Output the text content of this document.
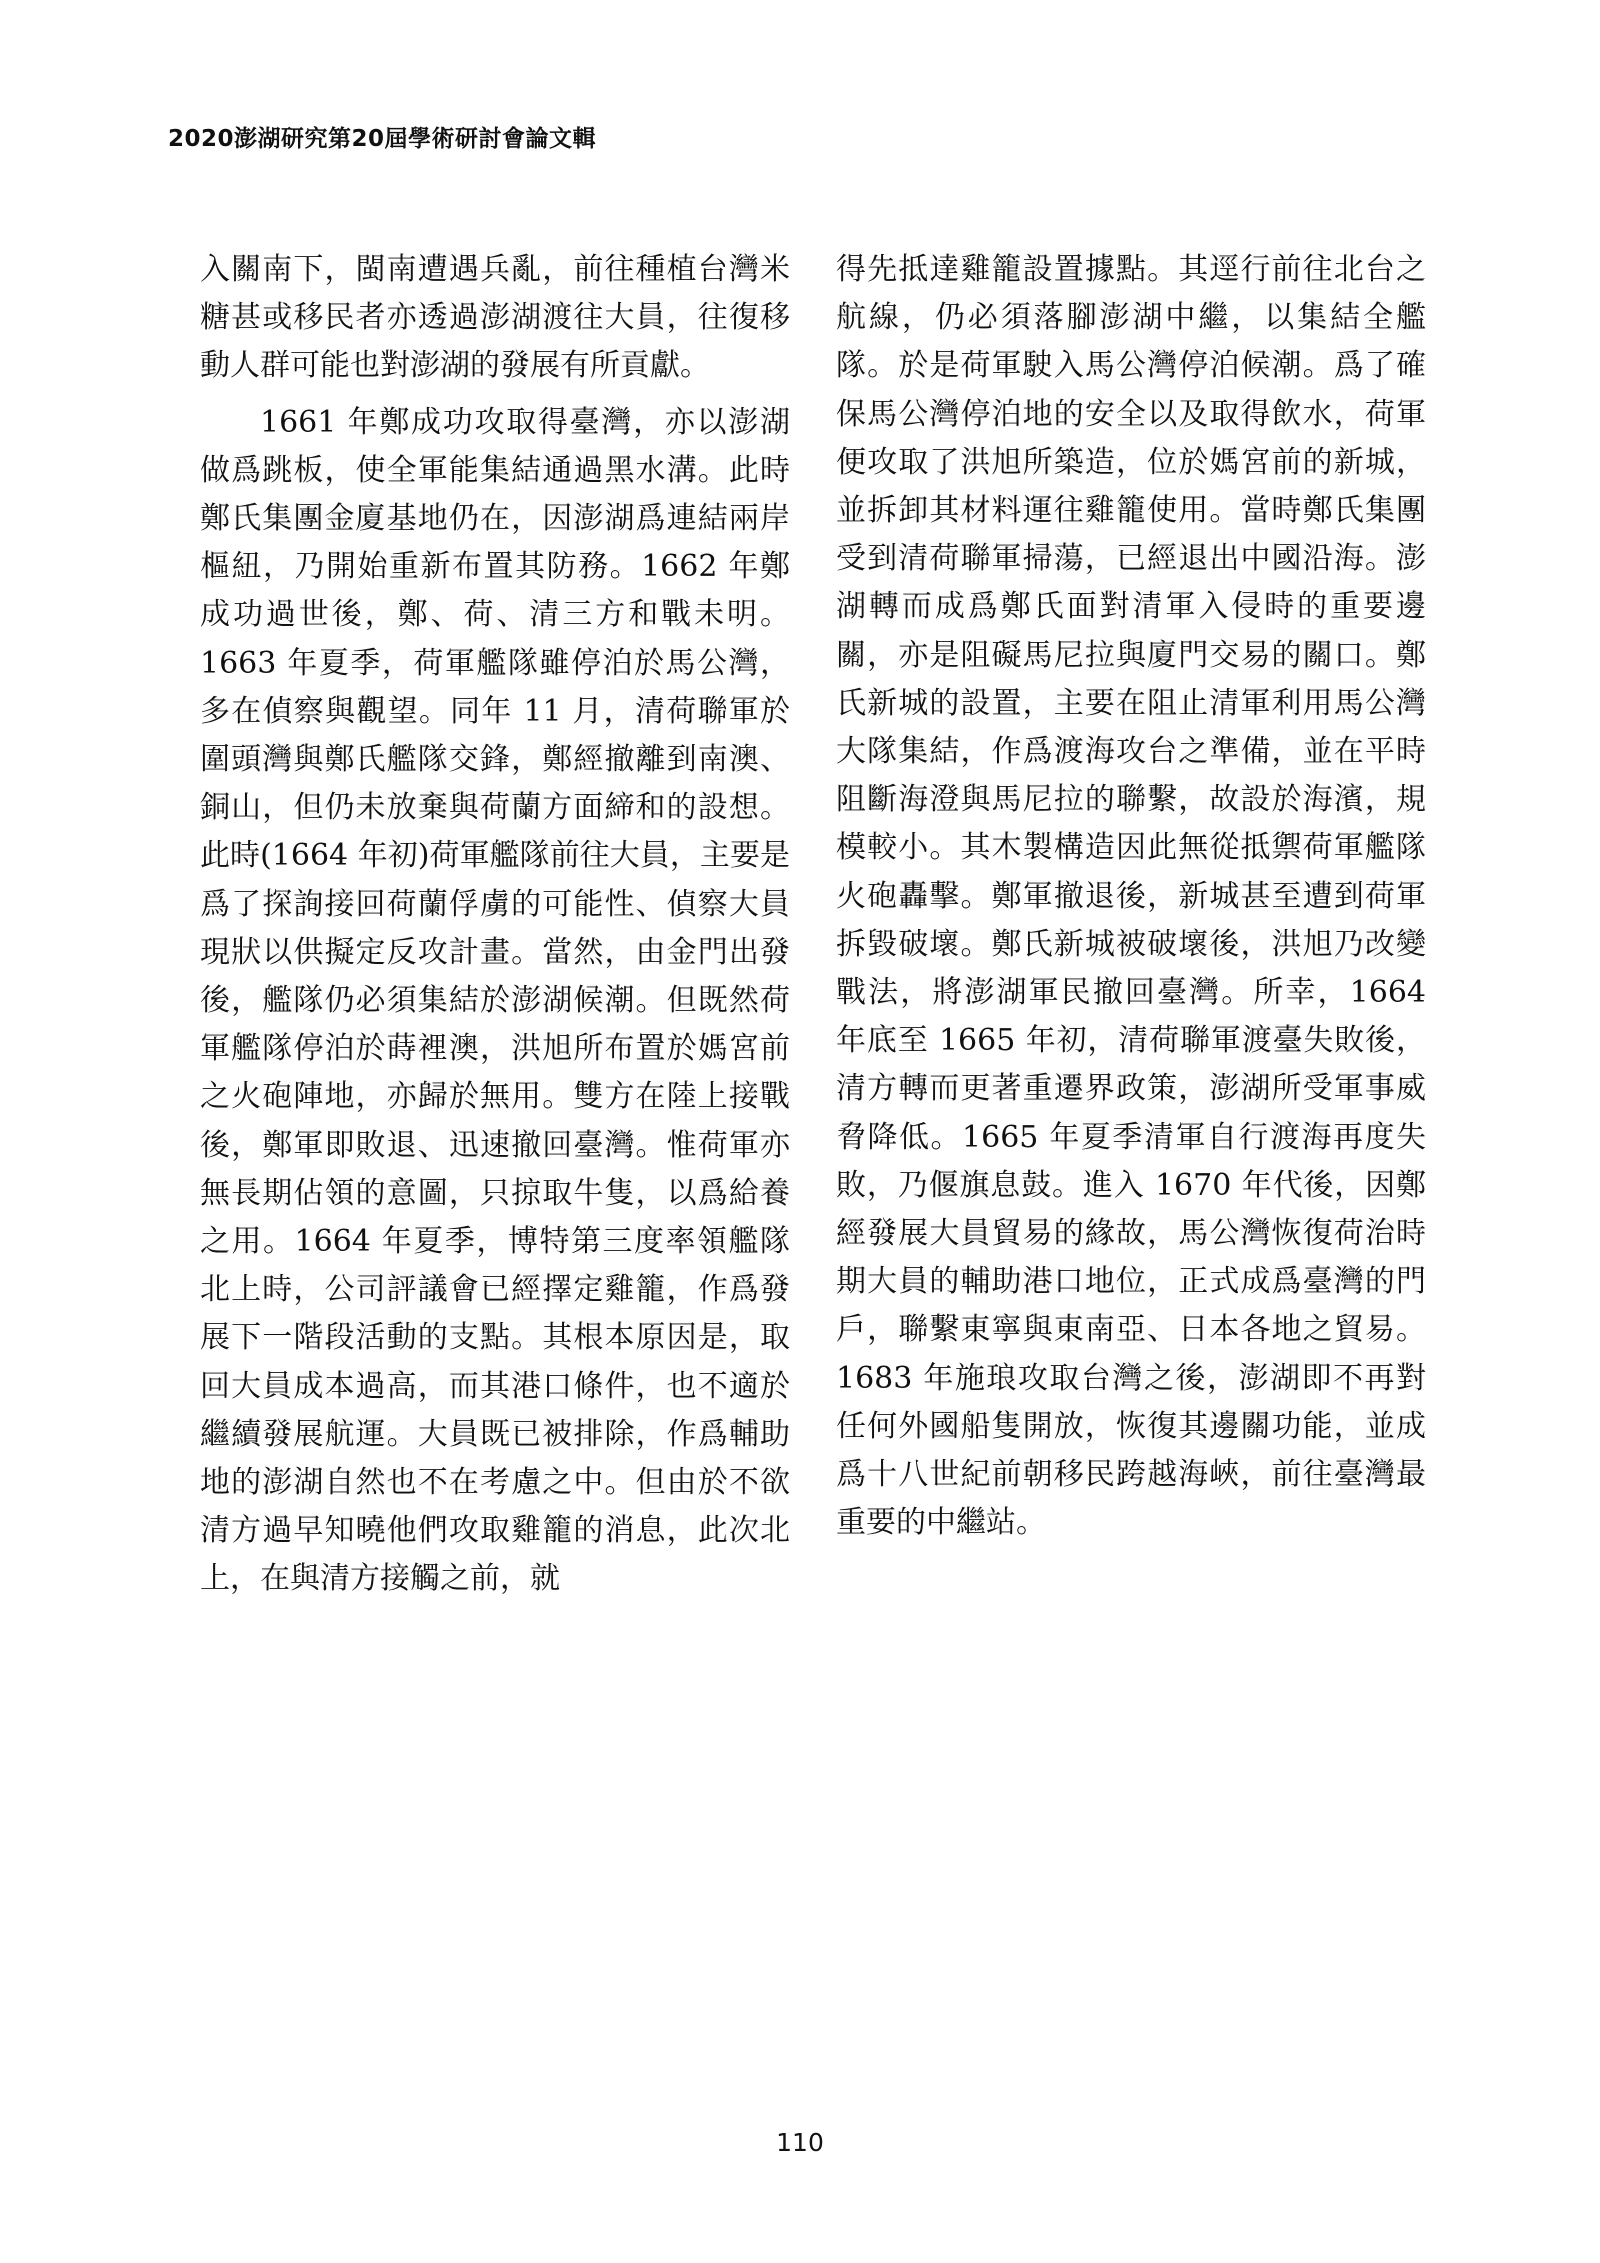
2020澎湖研究第20屆學術研討會論文輯

入關南下，閩南遭遇兵亂，前往種植台灣米糖甚或移民者亦透過澎湖渡往大員，往復移動人群可能也對澎湖的發展有所貢獻。

1661 年鄭成功攻取得臺灣，亦以澎湖做爲跳板，使全軍能集結通過黑水溝。此時鄭氏集團金廈基地仍在，因澎湖爲連結兩岸樞紐，乃開始重新布置其防務。1662 年鄭成功過世後，鄭、荷、清三方和戰未明。1663 年夏季，荷軍艦隊雖停泊於馬公灣，多在偵察與觀望。同年 11 月，清荷聯軍於圍頭灣與鄭氏艦隊交鋒，鄭經撤離到南澳、銅山，但仍未放棄與荷蘭方面締和的設想。此時(1664 年初)荷軍艦隊前往大員，主要是爲了探詢接回荷蘭俘虜的可能性、偵察大員現狀以供擬定反攻計畫。當然，由金門出發後，艦隊仍必須集結於澎湖候潮。但既然荷軍艦隊停泊於蒔裡澳，洪旭所布置於媽宮前之火砲陣地，亦歸於無用。雙方在陸上接戰後，鄭軍即敗退、迅速撤回臺灣。惟荷軍亦無長期佔領的意圖，只掠取牛隻，以爲給養之用。1664 年夏季，博特第三度率領艦隊北上時，公司評議會已經擇定雞籠，作爲發展下一階段活動的支點。其根本原因是，取回大員成本過高，而其港口條件，也不適於繼續發展航運。大員既已被排除，作爲輔助地的澎湖自然也不在考慮之中。但由於不欲清方過早知曉他們攻取雞籠的消息，此次北上，在與清方接觸之前，就

得先抵達雞籠設置據點。其逕行前往北台之航線，仍必須落腳澎湖中繼，以集結全艦隊。於是荷軍駛入馬公灣停泊候潮。爲了確保馬公灣停泊地的安全以及取得飲水，荷軍便攻取了洪旭所築造，位於媽宮前的新城，並拆卸其材料運往雞籠使用。當時鄭氏集團受到清荷聯軍掃蕩，已經退出中國沿海。澎湖轉而成爲鄭氏面對清軍入侵時的重要邊關，亦是阻礙馬尼拉與廈門交易的關口。鄭氏新城的設置，主要在阻止清軍利用馬公灣大隊集結，作爲渡海攻台之準備，並在平時阻斷海澄與馬尼拉的聯繫，故設於海濱，規模較小。其木製構造因此無從抵禦荷軍艦隊火砲轟擊。鄭軍撤退後，新城甚至遭到荷軍拆毀破壞。鄭氏新城被破壞後，洪旭乃改變戰法，將澎湖軍民撤回臺灣。所幸，1664 年底至 1665 年初，清荷聯軍渡臺失敗後，清方轉而更著重遷界政策，澎湖所受軍事威脅降低。1665 年夏季清軍自行渡海再度失敗，乃偃旗息鼓。進入 1670 年代後，因鄭經發展大員貿易的緣故，馬公灣恢復荷治時期大員的輔助港口地位，正式成爲臺灣的門戶，聯繫東寧與東南亞、日本各地之貿易。1683 年施琅攻取台灣之後，澎湖即不再對任何外國船隻開放，恢復其邊關功能，並成爲十八世紀前朝移民跨越海峽，前往臺灣最重要的中繼站。

110
